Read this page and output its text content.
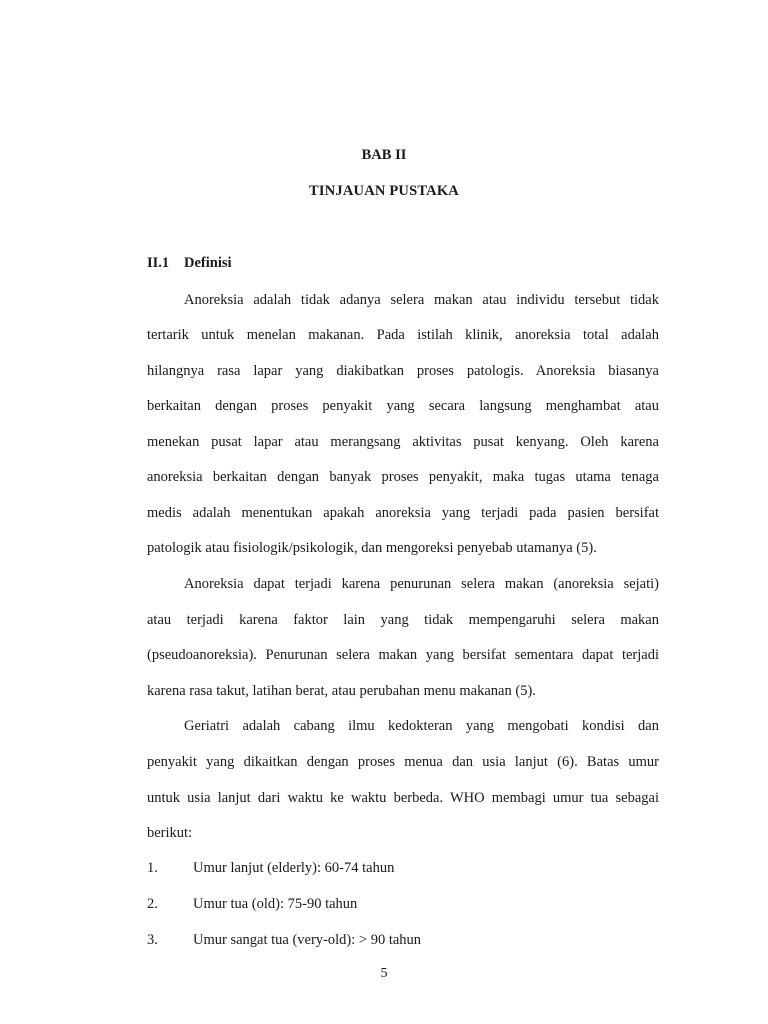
BAB II
TINJAUAN PUSTAKA
II.1 Definisi
Anoreksia adalah tidak adanya selera makan atau individu tersebut tidak
tertarik untuk menelan makanan. Pada istilah klinik, anoreksia total adalah
hilangnya rasa lapar yang diakibatkan proses patologis. Anoreksia biasanya
berkaitan dengan proses penyakit yang secara langsung menghambat atau
menekan pusat lapar atau merangsang aktivitas pusat kenyang. Oleh karena
anoreksia berkaitan dengan banyak proses penyakit, maka tugas utama tenaga
medis adalah menentukan apakah anoreksia yang terjadi pada pasien bersifat
patologik atau fisiologik/psikologik, dan mengoreksi penyebab utamanya (5).
Anoreksia dapat terjadi karena penurunan selera makan (anoreksia sejati)
atau terjadi karena faktor lain yang tidak mempengaruhi selera makan
(pseudoanoreksia). Penurunan selera makan yang bersifat sementara dapat terjadi
karena rasa takut, latihan berat, atau perubahan menu makanan (5).
Geriatri adalah cabang ilmu kedokteran yang mengobati kondisi dan
penyakit yang dikaitkan dengan proses menua dan usia lanjut (6). Batas umur
untuk usia lanjut dari waktu ke waktu berbeda. WHO membagi umur tua sebagai
berikut:
1. Umur lanjut (elderly): 60-74 tahun
2. Umur tua (old): 75-90 tahun
3. Umur sangat tua (very-old): > 90 tahun
5
